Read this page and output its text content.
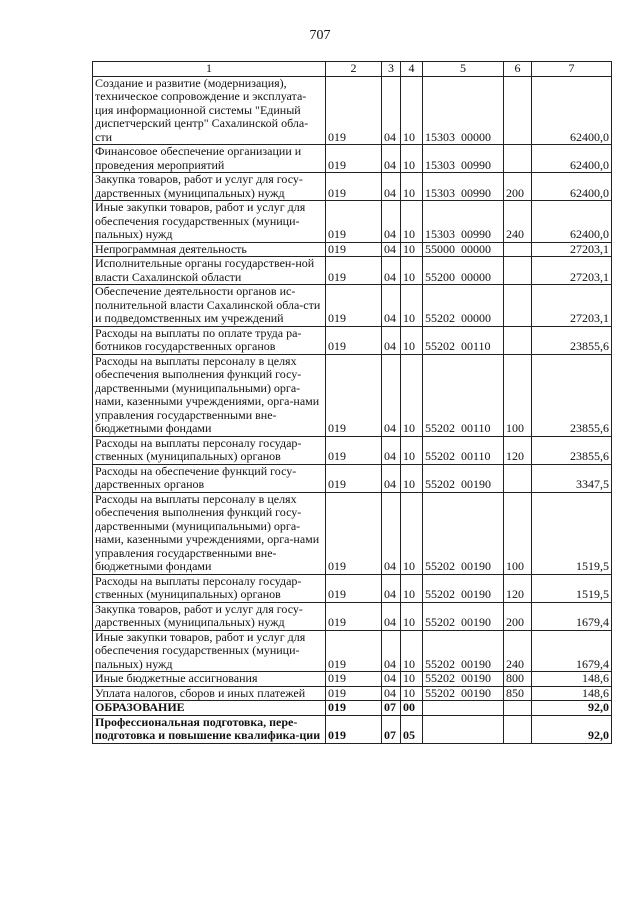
707
1	2	3	4	5	6	7
Создание и развитие (модернизация), техническое сопровождение и эксплуата-ция информационной системы "Единый диспетчерский центр" Сахалинской обла-сти	019	04	10	15303  00000		62400,0
Финансовое обеспечение организации и проведения мероприятий	019	04	10	15303  00990		62400,0
Закупка товаров, работ и услуг для госу-дарственных (муниципальных) нужд	019	04	10	15303  00990	200	62400,0
Иные закупки товаров, работ и услуг для обеспечения государственных (муници-пальных) нужд	019	04	10	15303  00990	240	62400,0
Непрограммная деятельность	019	04	10	55000  00000		27203,1
Исполнительные органы государствен-ной власти Сахалинской области	019	04	10	55200  00000		27203,1
Обеспечение деятельности органов ис-полнительной власти Сахалинской обла-сти и подведомственных им учреждений	019	04	10	55202  00000		27203,1
Расходы на выплаты по оплате труда ра-ботников государственных органов	019	04	10	55202  00110		23855,6
Расходы на выплаты персоналу в целях обеспечения выполнения функций госу-дарственными (муниципальными) орга-нами, казенными учреждениями, орга-нами управления государственными вне-бюджетными фондами	019	04	10	55202  00110	100	23855,6
Расходы на выплаты персоналу государ-ственных (муниципальных) органов	019	04	10	55202  00110	120	23855,6
Расходы на обеспечение функций госу-дарственных органов	019	04	10	55202  00190		3347,5
Расходы на выплаты персоналу в целях обеспечения выполнения функций госу-дарственными (муниципальными) орга-нами, казенными учреждениями, орга-нами управления государственными вне-бюджетными фондами	019	04	10	55202  00190	100	1519,5
Расходы на выплаты персоналу государ-ственных (муниципальных) органов	019	04	10	55202  00190	120	1519,5
Закупка товаров, работ и услуг для госу-дарственных (муниципальных) нужд	019	04	10	55202  00190	200	1679,4
Иные закупки товаров, работ и услуг для обеспечения государственных (муници-пальных) нужд	019	04	10	55202  00190	240	1679,4
Иные бюджетные ассигнования	019	04	10	55202  00190	800	148,6
Уплата налогов, сборов и иных платежей	019	04	10	55202  00190	850	148,6
ОБРАЗОВАНИЕ	019	07	00			92,0
Профессиональная подготовка, пере-подготовка и повышение квалифика-ции	019	07	05			92,0
